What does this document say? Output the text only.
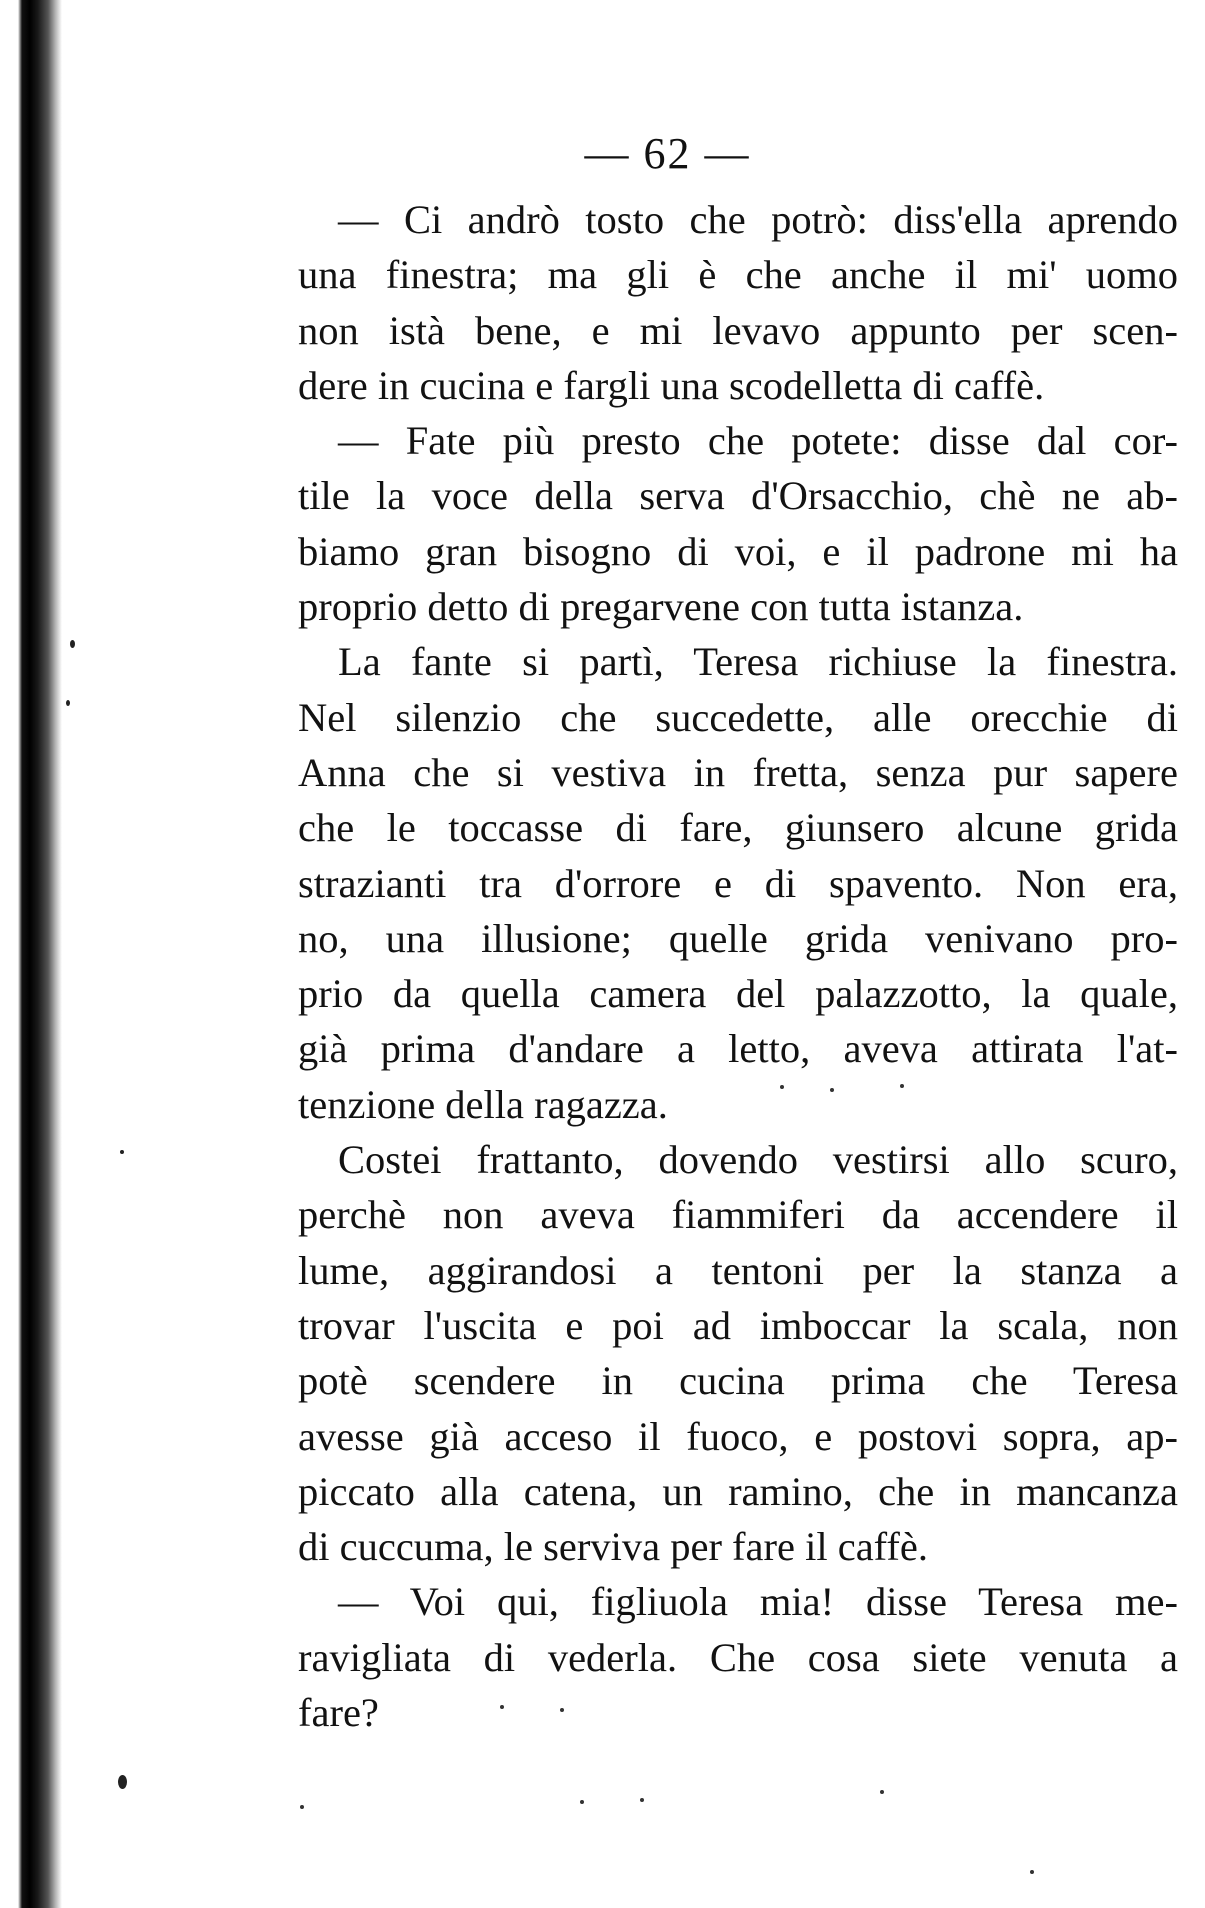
— 62 —
— Ci andrò tosto che potrò: diss'ella aprendo
una finestra; ma gli è che anche il mi' uomo
non istà bene, e mi levavo appunto per scen-
dere in cucina e fargli una scodelletta di caffè.
— Fate più presto che potete: disse dal cor-
tile la voce della serva d'Orsacchio, chè ne ab-
biamo gran bisogno di voi, e il padrone mi ha
proprio detto di pregarvene con tutta istanza.
La fante si partì, Teresa richiuse la finestra.
Nel silenzio che succedette, alle orecchie di
Anna che si vestiva in fretta, senza pur sapere
che le toccasse di fare, giunsero alcune grida
strazianti tra d'orrore e di spavento. Non era,
no, una illusione; quelle grida venivano pro-
prio da quella camera del palazzotto, la quale,
già prima d'andare a letto, aveva attirata l'at-
tenzione della ragazza.
Costei frattanto, dovendo vestirsi allo scuro,
perchè non aveva fiammiferi da accendere il
lume, aggirandosi a tentoni per la stanza a
trovar l'uscita e poi ad imboccar la scala, non
potè scendere in cucina prima che Teresa
avesse già acceso il fuoco, e postovi sopra, ap-
piccato alla catena, un ramino, che in mancanza
di cuccuma, le serviva per fare il caffè.
— Voi qui, figliuola mia! disse Teresa me-
ravigliata di vederla. Che cosa siete venuta a
fare?
